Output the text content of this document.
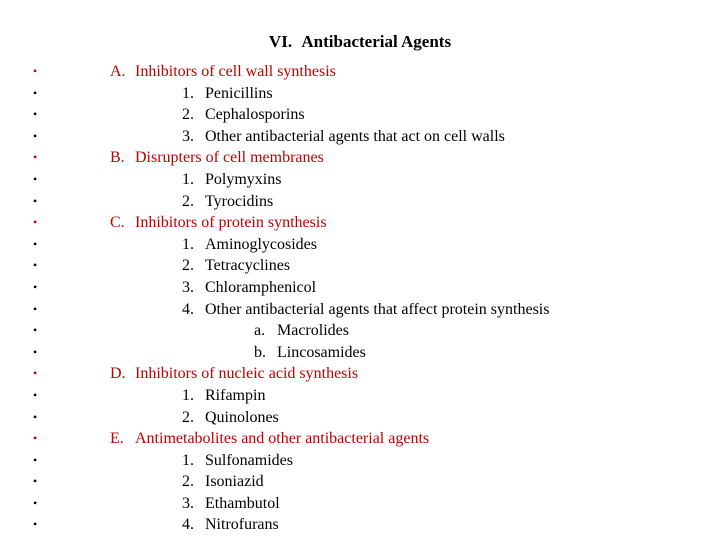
VI. Antibacterial Agents
•	A. Inhibitors of cell wall synthesis
•	1. Penicillins
•	2. Cephalosporins
•	3. Other antibacterial agents that act on cell walls
•	B. Disrupters of cell membranes
•	1. Polymyxins
•	2. Tyrocidins
•	C. Inhibitors of protein synthesis
•	1. Aminoglycosides
•	2. Tetracyclines
•	3. Chloramphenicol
•	4. Other antibacterial agents that affect protein synthesis
•	a. Macrolides
•	b. Lincosamides
•	D. Inhibitors of nucleic acid synthesis
•	1. Rifampin
•	2. Quinolones
•	E. Antimetabolites and other antibacterial agents
•	1. Sulfonamides
•	2. Isoniazid
•	3. Ethambutol
•	4. Nitrofurans
